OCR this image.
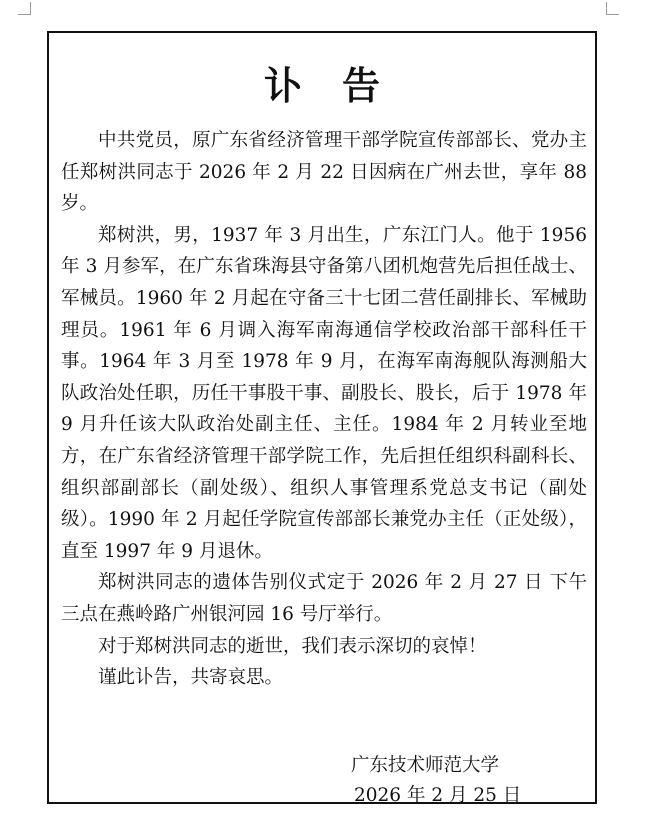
讣告

中共党员，原广东省经济管理干部学院宣传部部长、党办主任郑树洪同志于 2026 年 2 月 22 日因病在广州去世，享年 88 岁。

郑树洪，男，1937 年 3 月出生，广东江门人。他于 1956 年 3 月参军，在广东省珠海县守备第八团机炮营先后担任战士、军械员。1960 年 2 月起在守备三十七团二营任副排长、军械助理员。1961 年 6 月调入海军南海通信学校政治部干部科任干事。1964 年 3 月至 1978 年 9 月，在海军南海舰队海测船大队政治处任职，历任干事股干事、副股长、股长，后于 1978 年 9 月升任该大队政治处副主任、主任。1984 年 2 月转业至地方，在广东省经济管理干部学院工作，先后担任组织科副科长、组织部副部长（副处级）、组织人事管理系党总支书记（副处级）。1990 年 2 月起任学院宣传部部长兼党办主任（正处级），直至 1997 年 9 月退休。

郑树洪同志的遗体告别仪式定于 2026 年 2 月 27 日 下午三点在燕岭路广州银河园 16 号厅举行。

对于郑树洪同志的逝世，我们表示深切的哀悼！

谨此讣告，共寄哀思。

广东技术师范大学
2026 年 2 月 25 日
